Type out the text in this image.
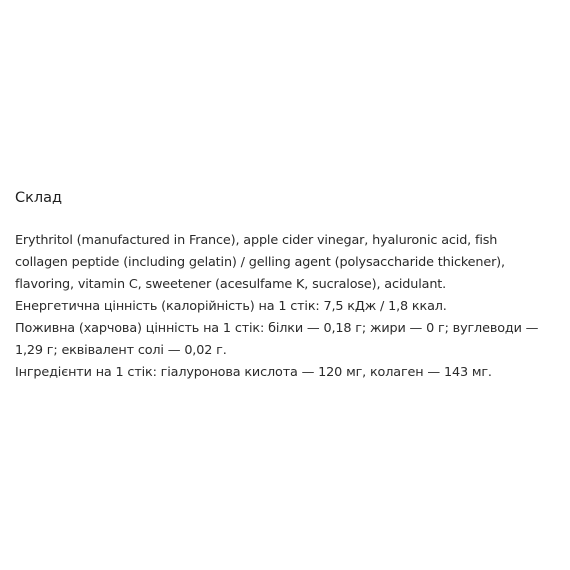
Склад
Erythritol (manufactured in France), apple cider vinegar, hyaluronic acid, fish
collagen peptide (including gelatin) / gelling agent (polysaccharide thickener),
flavoring, vitamin C, sweetener (acesulfame K, sucralose), acidulant.
Енергетична цінність (калорійність) на 1 стік: 7,5 кДж / 1,8 ккал.
Поживна (харчова) цінність на 1 стік: білки — 0,18 г; жири — 0 г; вуглеводи —
1,29 г; еквівалент солі — 0,02 г.
Інгредієнти на 1 стік: гіалуронова кислота — 120 мг, колаген — 143 мг.
